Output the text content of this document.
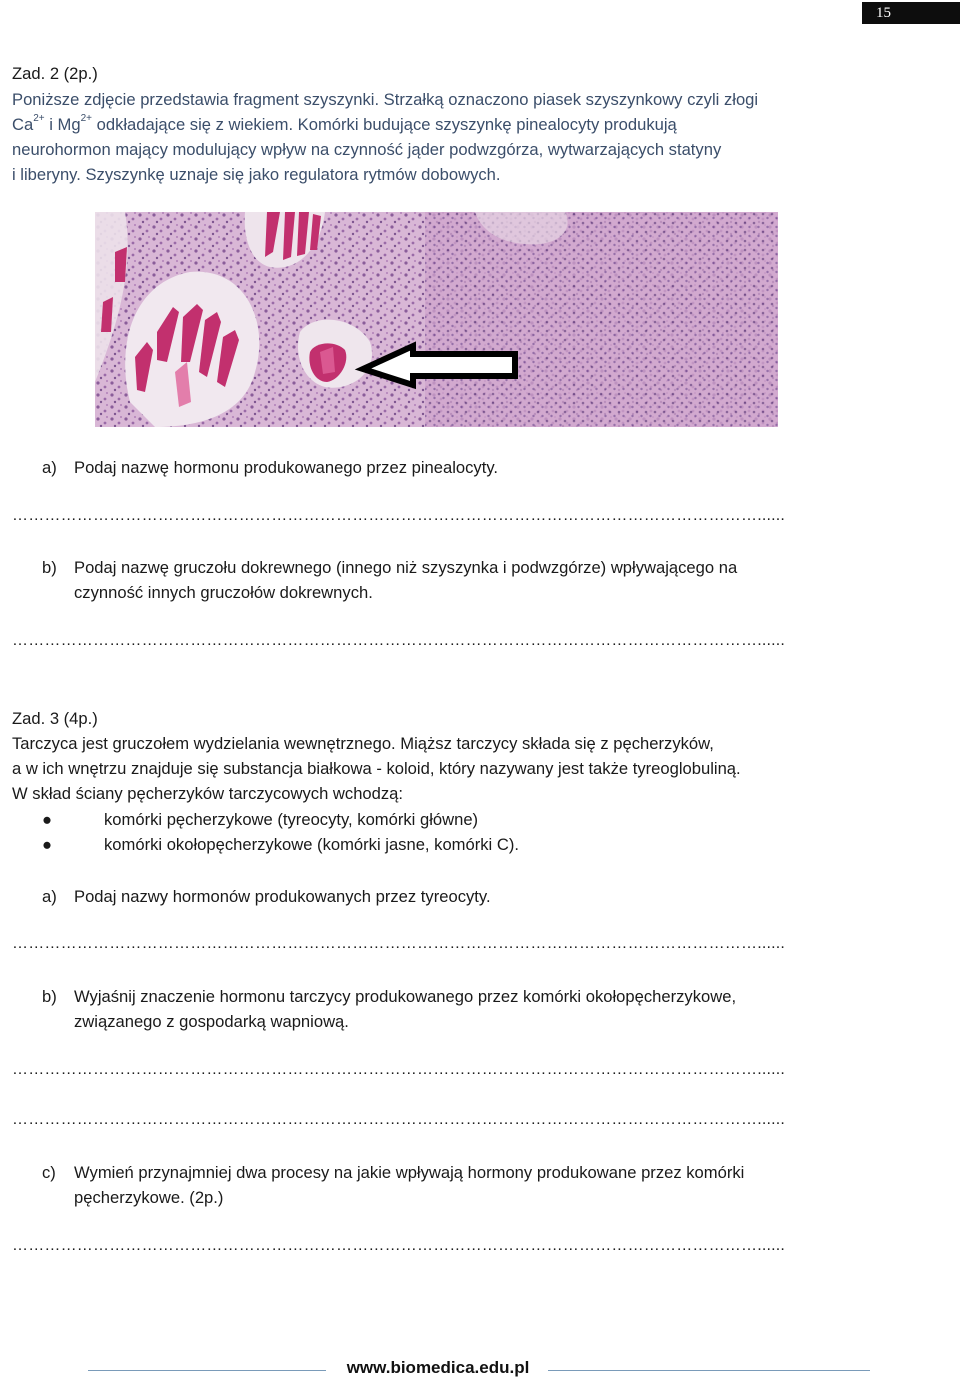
15
Zad. 2 (2p.)
Poniższe zdjęcie przedstawia fragment szyszynki. Strzałką oznaczono piasek szyszynkowy czyli złogi
$Ca^{2+}$ i $Mg^{2+}$ odkładające się z wiekiem. Komórki budujące szyszynkę pinealocyty produkują
neurohormon mający modulujący wpływ na czynność jąder podwzgórza, wytwarzających statyny
i liberyny. Szyszynkę uznaje się jako regulatora rytmów dobowych.
a) Podaj nazwę hormonu produkowanego przez pinealocyty.
…………………………………………………………………………………………………………………………......
b) Podaj nazwę gruczołu dokrewnego (innego niż szyszynka i podwzgórze) wpływającego na
czynność innych gruczołów dokrewnych.
…………………………………………………………………………………………………………………………......
Zad. 3 (4p.)
Tarczyca jest gruczołem wydzielania wewnętrznego. Miąższ tarczycy składa się z pęcherzyków,
a w ich wnętrzu znajduje się substancja białkowa - koloid, który nazywany jest także tyreoglobuliną.
W skład ściany pęcherzyków tarczycowych wchodzą:
●	komórki pęcherzykowe (tyreocyty, komórki główne)
●	komórki okołopęcherzykowe (komórki jasne, komórki C).
a) Podaj nazwy hormonów produkowanych przez tyreocyty.
…………………………………………………………………………………………………………………………......
b) Wyjaśnij znaczenie hormonu tarczycy produkowanego przez komórki okołopęcherzykowe,
związanego z gospodarką wapniową.
…………………………………………………………………………………………………………………………......
…………………………………………………………………………………………………………………………......
c) Wymień przynajmniej dwa procesy na jakie wpływają hormony produkowane przez komórki
pęcherzykowe. (2p.)
…………………………………………………………………………………………………………………………......
www.biomedica.edu.pl
